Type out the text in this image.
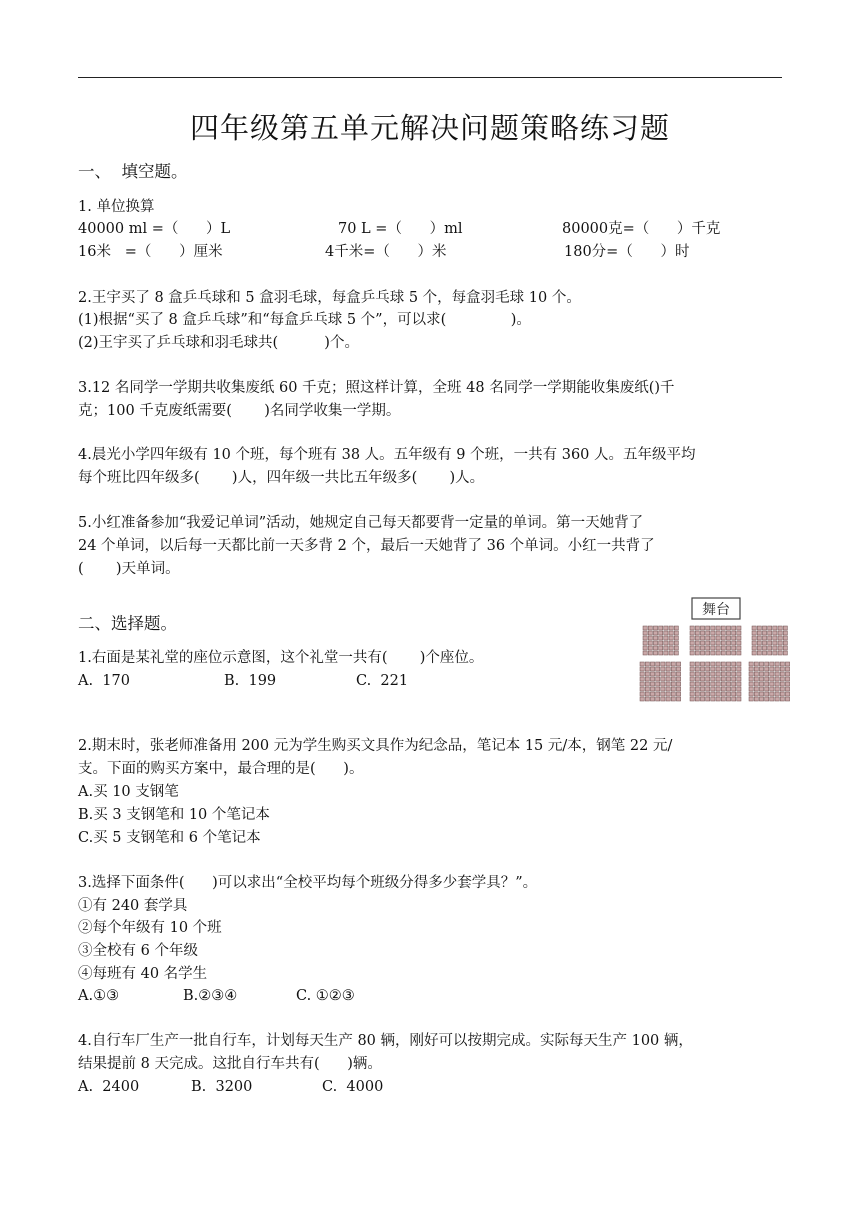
四年级第五单元解决问题策略练习题
一、  填空题。
1. 单位换算
40000 ml =（      ）L	70 L =（      ）ml	80000克=（      ）千克
16米   =（      ）厘米	4千米=（      ）米	180分=（      ）时
2.王宇买了 8 盒乒乓球和 5 盒羽毛球，每盒乒乓球 5 个，每盒羽毛球 10 个。
(1)根据“买了 8 盒乒乓球”和“每盒乒乓球 5 个”，可以求(              )。
(2)王宇买了乒乓球和羽毛球共(          )个。
3.12 名同学一学期共收集废纸 60 千克；照这样计算，全班 48 名同学一学期能收集废纸()千
克；100 千克废纸需要(       )名同学收集一学期。
4.晨光小学四年级有 10 个班，每个班有 38 人。五年级有 9 个班，一共有 360 人。五年级平均
每个班比四年级多(       )人，四年级一共比五年级多(       )人。
5.小红准备参加“我爱记单词”活动，她规定自己每天都要背一定量的单词。第一天她背了
24 个单词，以后每一天都比前一天多背 2 个，最后一天她背了 36 个单词。小红一共背了
(       )天单词。
二、选择题。
舞台
1.右面是某礼堂的座位示意图，这个礼堂一共有(       )个座位。
A.  170	B.  199	C.  221
2.期末时，张老师准备用 200 元为学生购买文具作为纪念品，笔记本 15 元/本，钢笔 22 元/
支。下面的购买方案中，最合理的是(      )。
A.买 10 支钢笔
B.买 3 支钢笔和 10 个笔记本
C.买 5 支钢笔和 6 个笔记本
3.选择下面条件(      )可以求出“全校平均每个班级分得多少套学具？”。
①有 240 套学具
②每个年级有 10 个班
③全校有 6 个年级
④每班有 40 名学生
A.①③	B.②③④	C. ①②③
4.自行车厂生产一批自行车，计划每天生产 80 辆，刚好可以按期完成。实际每天生产 100 辆，
结果提前 8 天完成。这批自行车共有(      )辆。
A.  2400	B.  3200	C.  4000
